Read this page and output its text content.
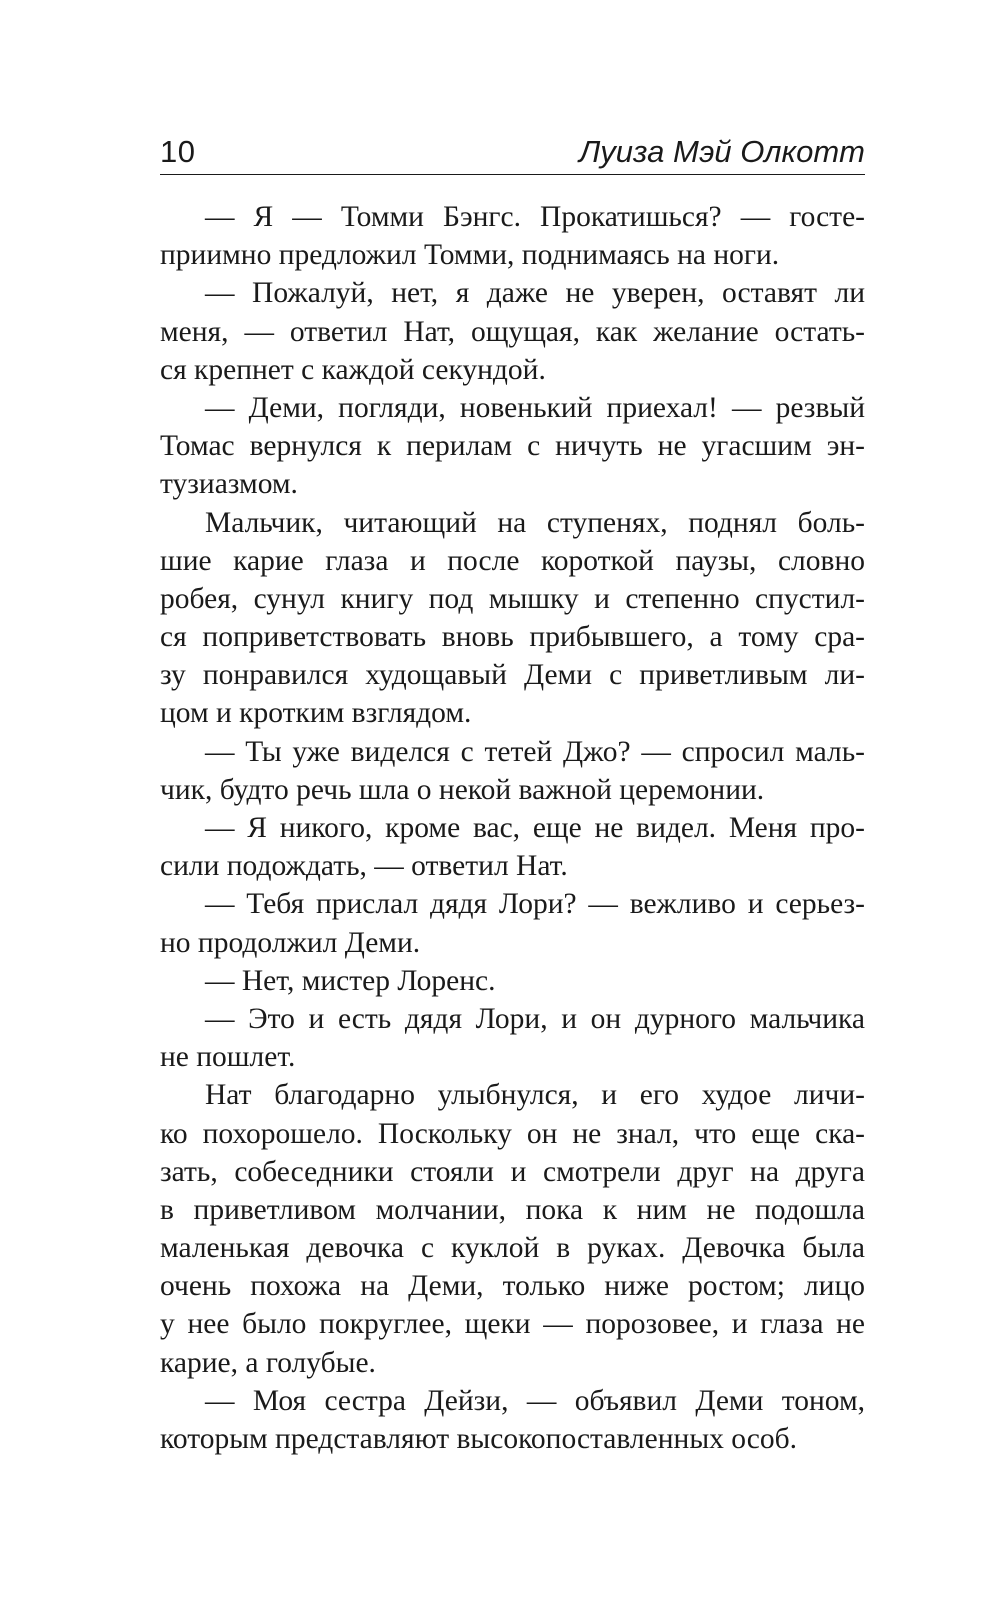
10	Луиза Мэй Олкотт
— Я — Томми Бэнгс. Прокатишься? — госте-
приимно предложил Томми, поднимаясь на ноги.
— Пожалуй, нет, я даже не уверен, оставят ли
меня, — ответил Нат, ощущая, как желание остать-
ся крепнет с каждой секундой.
— Деми, погляди, новенький приехал! — резвый
Томас вернулся к перилам с ничуть не угасшим эн-
тузиазмом.
Мальчик, читающий на ступенях, поднял боль-
шие карие глаза и после короткой паузы, словно
робея, сунул книгу под мышку и степенно спустил-
ся поприветствовать вновь прибывшего, а тому сра-
зу понравился худощавый Деми с приветливым ли-
цом и кротким взглядом.
— Ты уже виделся с тетей Джо? — спросил маль-
чик, будто речь шла о некой важной церемонии.
— Я никого, кроме вас, еще не видел. Меня про-
сили подождать, — ответил Нат.
— Тебя прислал дядя Лори? — вежливо и серьез-
но продолжил Деми.
— Нет, мистер Лоренс.
— Это и есть дядя Лори, и он дурного мальчика
не пошлет.
Нат благодарно улыбнулся, и его худое личи-
ко похорошело. Поскольку он не знал, что еще ска-
зать, собеседники стояли и смотрели друг на друга
в приветливом молчании, пока к ним не подошла
маленькая девочка с куклой в руках. Девочка была
очень похожа на Деми, только ниже ростом; лицо
у нее было покруглее, щеки — порозовее, и глаза не
карие, а голубые.
— Моя сестра Дейзи, — объявил Деми тоном,
которым представляют высокопоставленных особ.
